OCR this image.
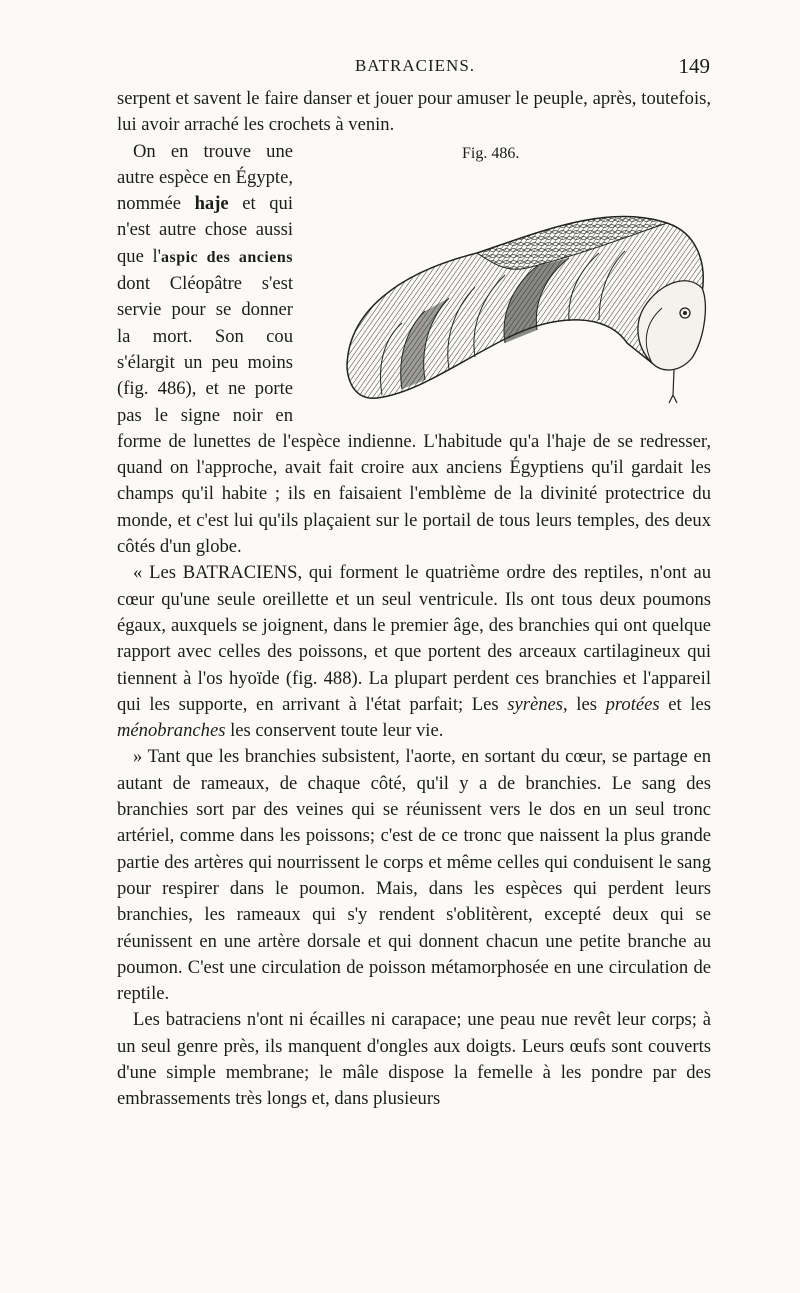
BATRACIENS.	149

serpent et savent le faire danser et jouer pour amuser le peuple, après, toutefois, lui avoir arraché les crochets à venin.

Fig. 486.

On en trouve une autre espèce en Égypte, nommée haje et qui n'est autre chose aussi que l'aspic des anciens dont Cléopâtre s'est servie pour se donner la mort. Son cou s'élargit un peu moins (fig. 486), et ne porte pas le signe noir en forme de lunettes de l'espèce indienne. L'habitude qu'a l'haje de se redresser, quand on l'approche, avait fait croire aux anciens Égyptiens qu'il gardait les champs qu'il habite ; ils en faisaient l'emblème de la divinité protectrice du monde, et c'est lui qu'ils plaçaient sur le portail de tous leurs temples, des deux côtés d'un globe.

« Les BATRACIENS, qui forment le quatrième ordre des reptiles, n'ont au cœur qu'une seule oreillette et un seul ventricule. Ils ont tous deux poumons égaux, auxquels se joignent, dans le premier âge, des branchies qui ont quelque rapport avec celles des poissons, et que portent des arceaux cartilagineux qui tiennent à l'os hyoïde (fig. 488). La plupart perdent ces branchies et l'appareil qui les supporte, en arrivant à l'état parfait; Les syrènes, les protées et les ménobranches les conservent toute leur vie.

» Tant que les branchies subsistent, l'aorte, en sortant du cœur, se partage en autant de rameaux, de chaque côté, qu'il y a de branchies. Le sang des branchies sort par des veines qui se réunissent vers le dos en un seul tronc artériel, comme dans les poissons; c'est de ce tronc que naissent la plus grande partie des artères qui nourrissent le corps et même celles qui conduisent le sang pour respirer dans le poumon. Mais, dans les espèces qui perdent leurs branchies, les rameaux qui s'y rendent s'oblitèrent, excepté deux qui se réunissent en une artère dorsale et qui donnent chacun une petite branche au poumon. C'est une circulation de poisson métamorphosée en une circulation de reptile.

Les batraciens n'ont ni écailles ni carapace; une peau nue revêt leur corps; à un seul genre près, ils manquent d'ongles aux doigts. Leurs œufs sont couverts d'une simple membrane; le mâle dispose la femelle à les pondre par des embrassements très longs et, dans plusieurs
